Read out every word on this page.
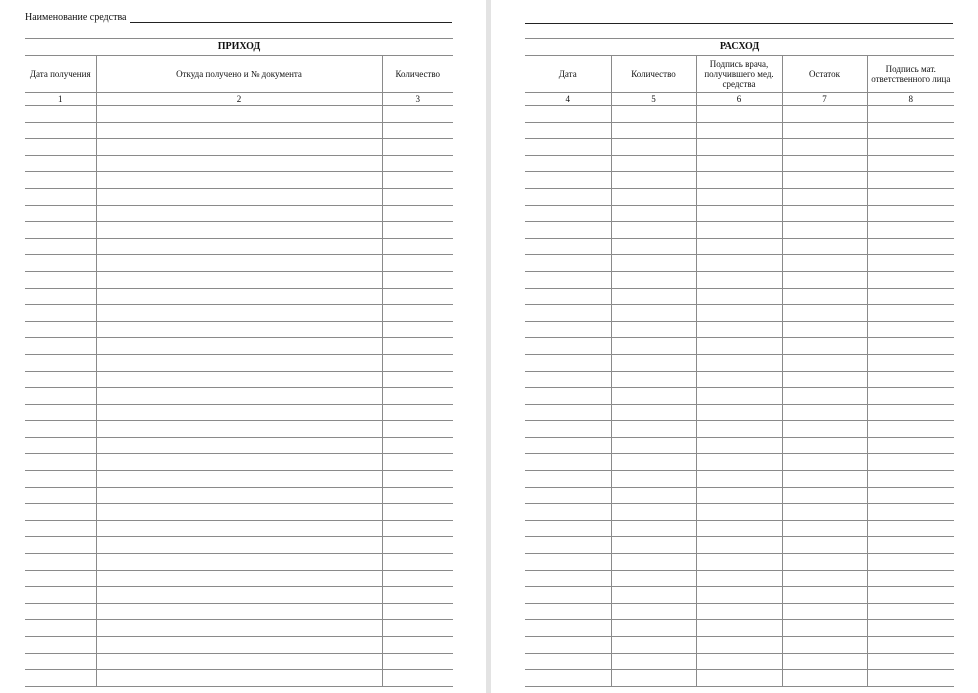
Наименование средства
ПРИХОД		
Дата получения	Откуда получено и № документа	Количество
1	2	3

РАСХОД				
Дата	Количество	Подпись врача, получившего мед. средства	Остаток	Подпись мат. ответственного лица
4	5	6	7	8
